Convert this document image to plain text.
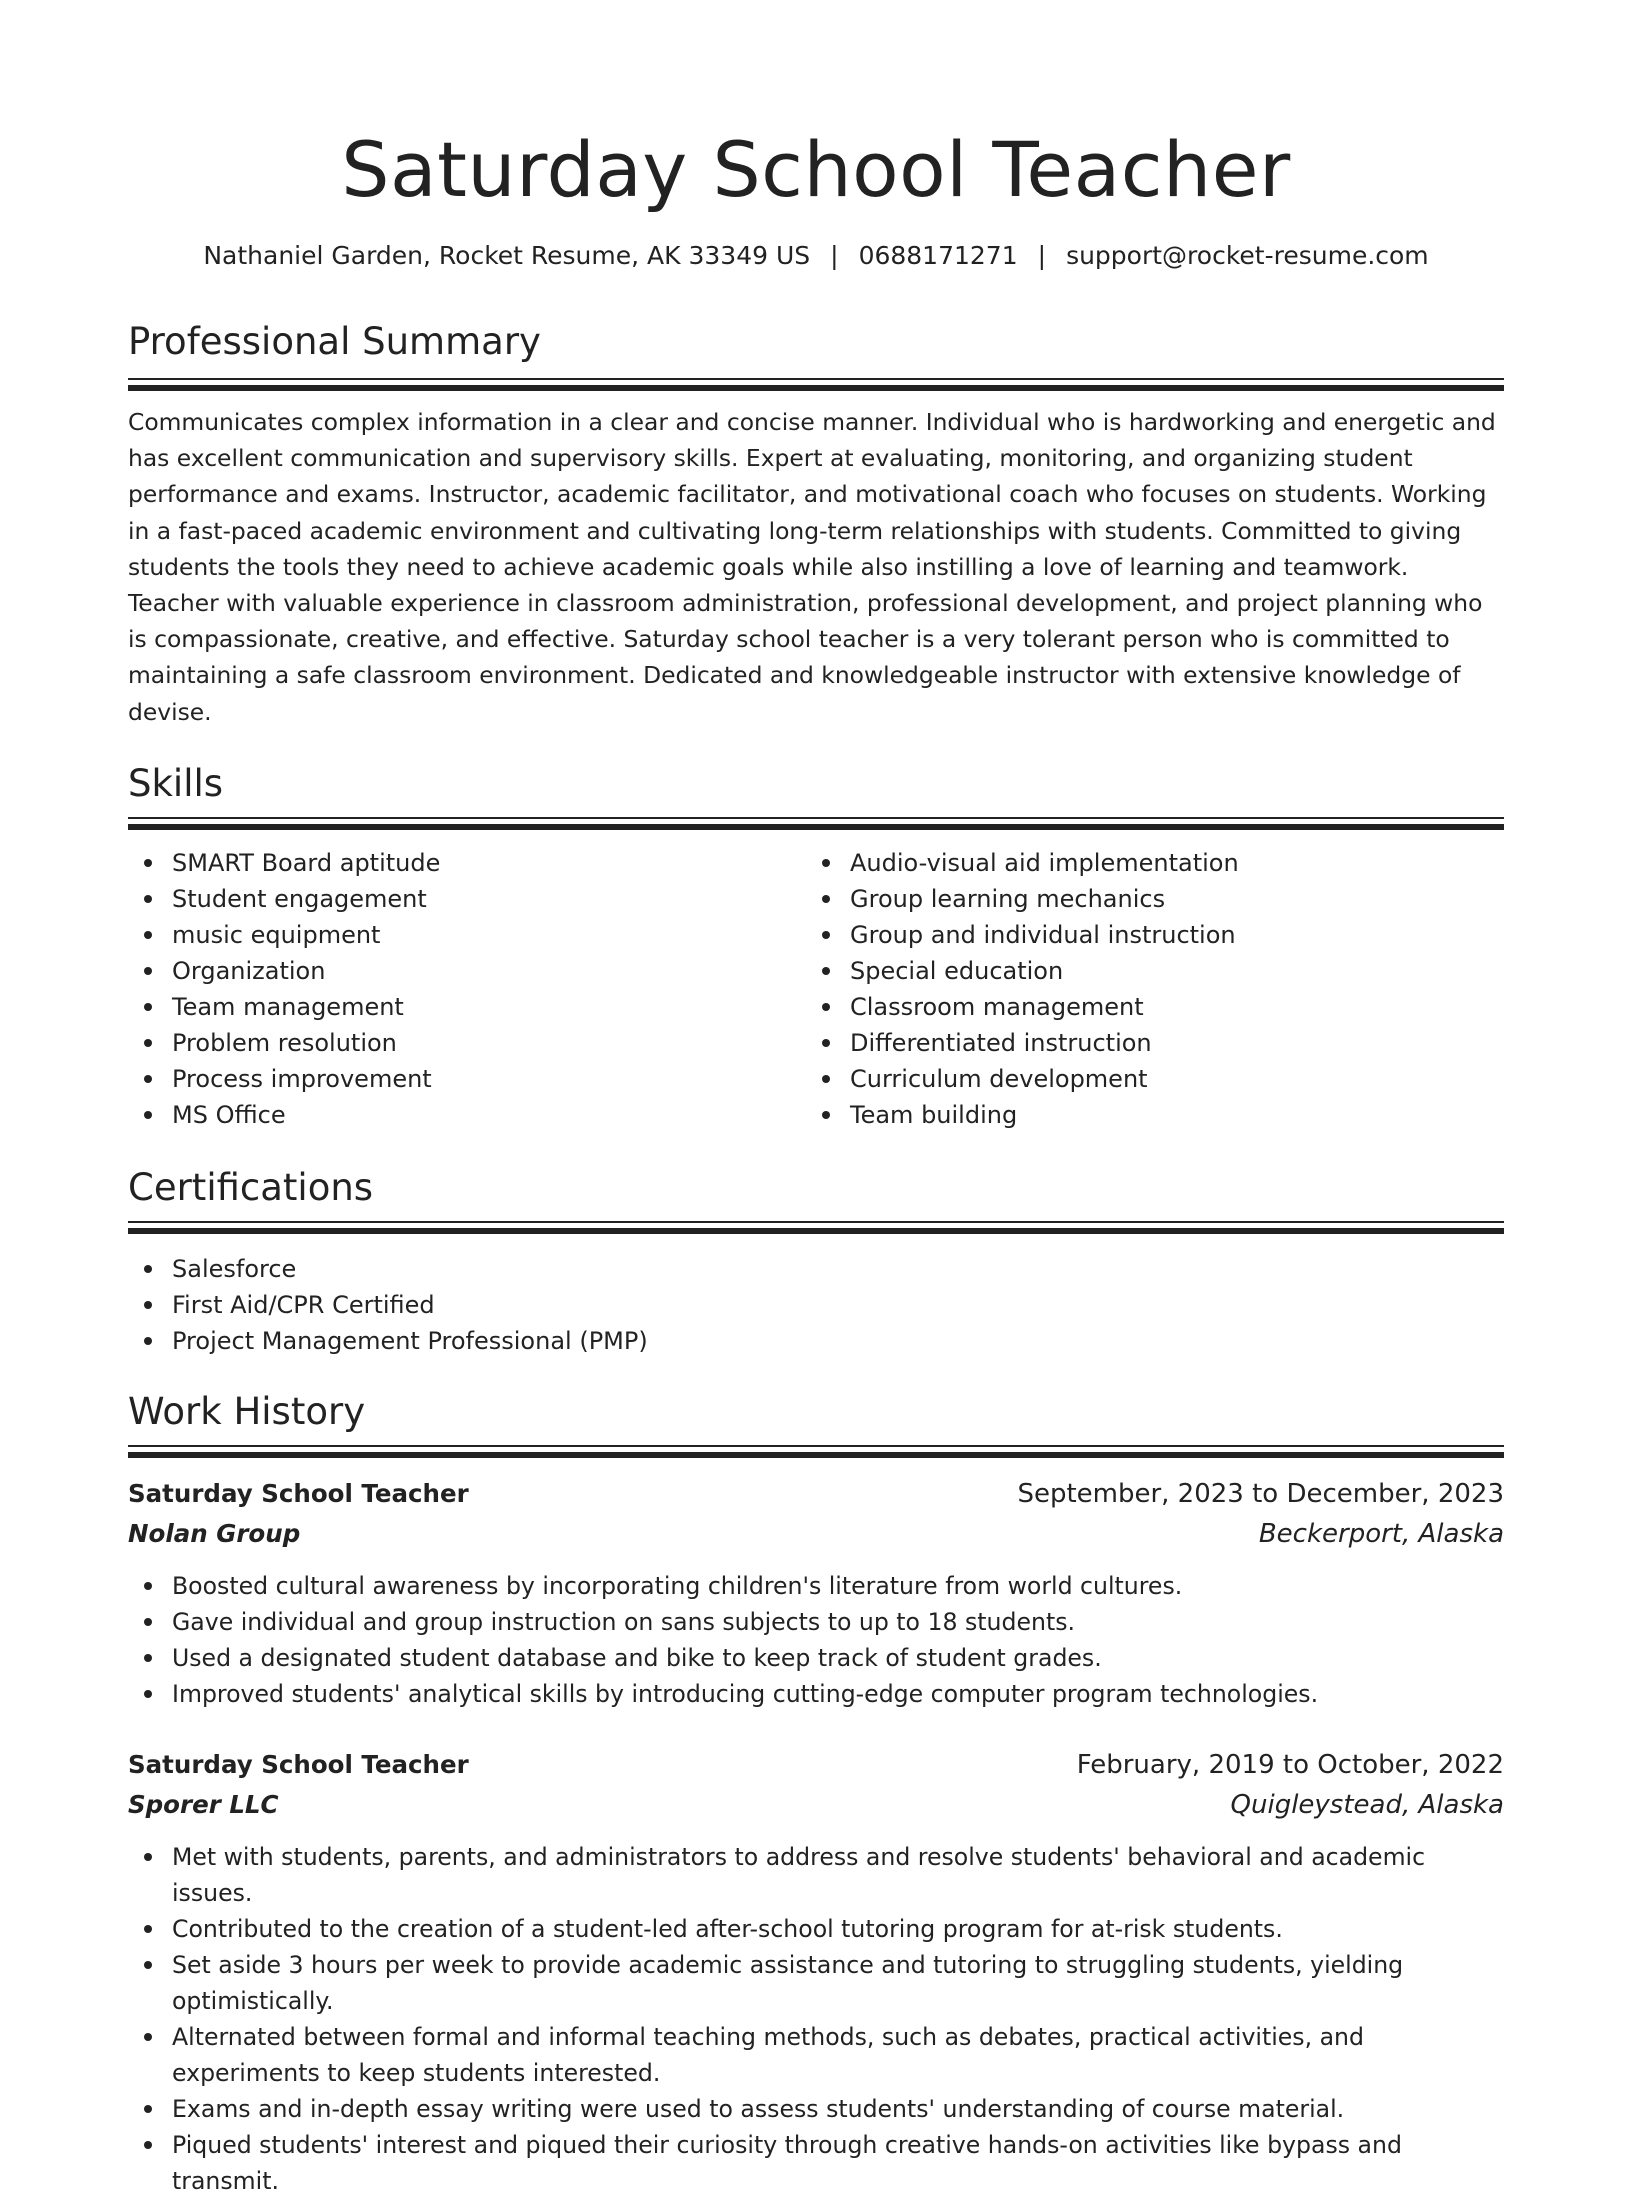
Saturday School Teacher
Nathaniel Garden, Rocket Resume, AK 33349 US | 0688171271 | support@rocket-resume.com
Professional Summary

Communicates complex information in a clear and concise manner. Individual who is hardworking and energetic and has excellent communication and supervisory skills. Expert at evaluating, monitoring, and organizing student performance and exams. Instructor, academic facilitator, and motivational coach who focuses on students. Working in a fast-paced academic environment and cultivating long-term relationships with students. Committed to giving students the tools they need to achieve academic goals while also instilling a love of learning and teamwork. Teacher with valuable experience in classroom administration, professional development, and project planning who is compassionate, creative, and effective. Saturday school teacher is a very tolerant person who is committed to maintaining a safe classroom environment. Dedicated and knowledgeable instructor with extensive knowledge of devise.

Skills
SMART Board aptitude
Student engagement
music equipment
Organization
Team management
Problem resolution
Process improvement
MS Office
Audio-visual aid implementation
Group learning mechanics
Group and individual instruction
Special education
Classroom management
Differentiated instruction
Curriculum development
Team building
Certifications
Salesforce
First Aid/CPR Certified
Project Management Professional (PMP)
Work History
Saturday School Teacher	September, 2023 to December, 2023
Nolan Group	Beckerport, Alaska
Boosted cultural awareness by incorporating children's literature from world cultures.
Gave individual and group instruction on sans subjects to up to 18 students.
Used a designated student database and bike to keep track of student grades.
Improved students' analytical skills by introducing cutting-edge computer program technologies.
Saturday School Teacher	February, 2019 to October, 2022
Sporer LLC	Quigleystead, Alaska
Met with students, parents, and administrators to address and resolve students' behavioral and academic issues.
Contributed to the creation of a student-led after-school tutoring program for at-risk students.
Set aside 3 hours per week to provide academic assistance and tutoring to struggling students, yielding optimistically.
Alternated between formal and informal teaching methods, such as debates, practical activities, and experiments to keep students interested.
Exams and in-depth essay writing were used to assess students' understanding of course material.
Piqued students' interest and piqued their curiosity through creative hands-on activities like bypass and transmit.
